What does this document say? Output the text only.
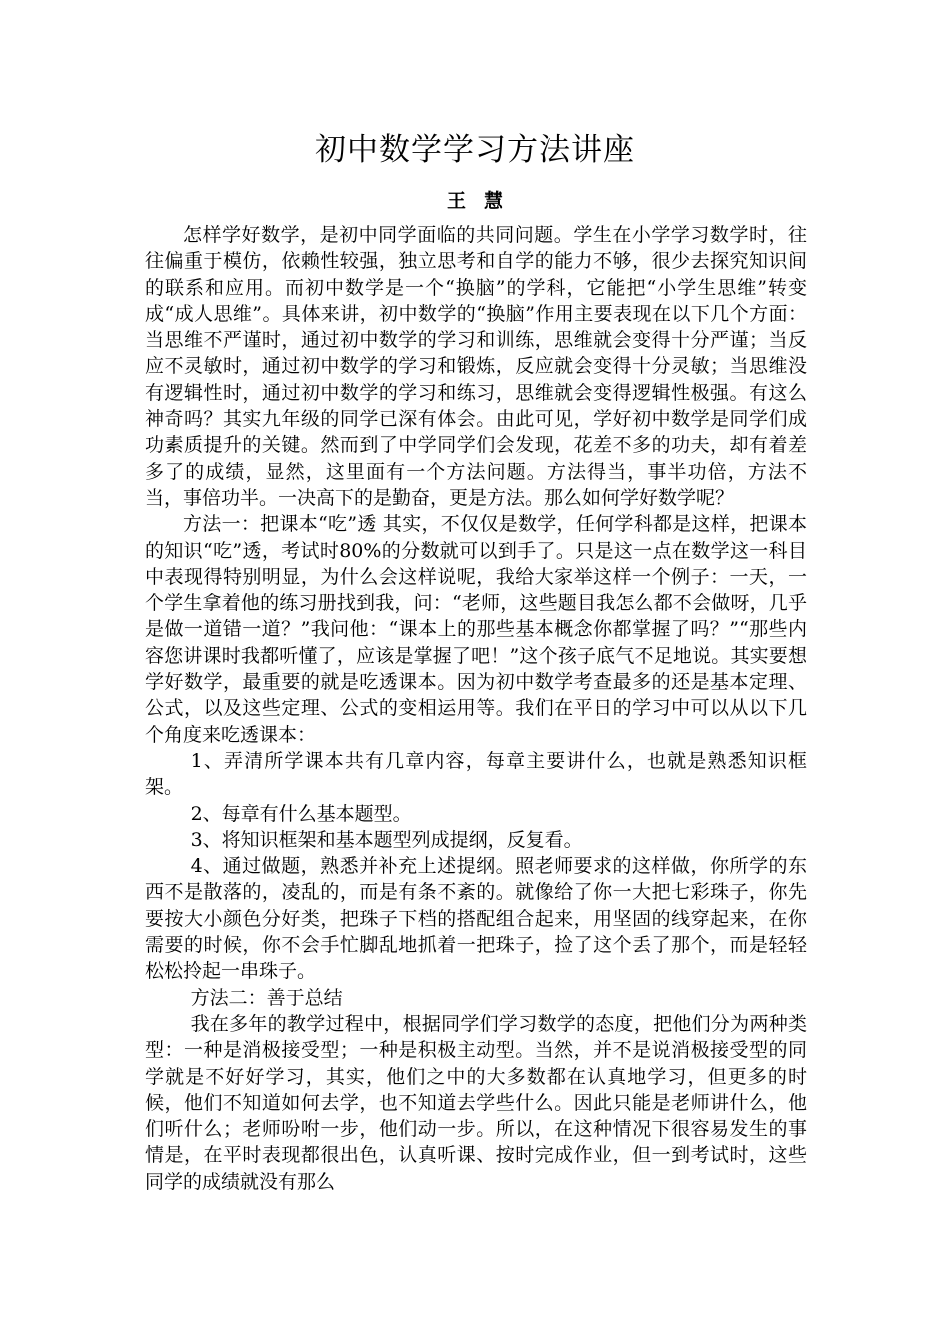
初中数学学习方法讲座
王慧

怎样学好数学，是初中同学面临的共同问题。学生在小学学习数学时，往往偏重于模仿，依赖性较强，独立思考和自学的能力不够，很少去探究知识间的联系和应用。而初中数学是一个“换脑”的学科，它能把“小学生思维”转变成“成人思维”。具体来讲，初中数学的“换脑”作用主要表现在以下几个方面：当思维不严谨时，通过初中数学的学习和训练，思维就会变得十分严谨；当反应不灵敏时，通过初中数学的学习和锻炼，反应就会变得十分灵敏；当思维没有逻辑性时，通过初中数学的学习和练习，思维就会变得逻辑性极强。有这么神奇吗？其实九年级的同学已深有体会。由此可见，学好初中数学是同学们成功素质提升的关键。然而到了中学同学们会发现，花差不多的功夫，却有着差多了的成绩，显然，这里面有一个方法问题。方法得当，事半功倍，方法不当，事倍功半。一决高下的是勤奋，更是方法。那么如何学好数学呢？

方法一：把课本“吃”透 其实，不仅仅是数学，任何学科都是这样，把课本的知识“吃”透，考试时80%的分数就可以到手了。只是这一点在数学这一科目中表现得特别明显，为什么会这样说呢，我给大家举这样一个例子：一天，一个学生拿着他的练习册找到我，问：“老师，这些题目我怎么都不会做呀，几乎是做一道错一道？”我问他：“课本上的那些基本概念你都掌握了吗？”“那些内容您讲课时我都听懂了，应该是掌握了吧！”这个孩子底气不足地说。其实要想学好数学，最重要的就是吃透课本。因为初中数学考查最多的还是基本定理、公式，以及这些定理、公式的变相运用等。我们在平日的学习中可以从以下几个角度来吃透课本：

1、弄清所学课本共有几章内容，每章主要讲什么，也就是熟悉知识框架。

2、每章有什么基本题型。

3、将知识框架和基本题型列成提纲，反复看。

4、通过做题，熟悉并补充上述提纲。照老师要求的这样做，你所学的东西不是散落的，凌乱的，而是有条不紊的。就像给了你一大把七彩珠子，你先要按大小颜色分好类，把珠子下档的搭配组合起来，用坚固的线穿起来，在你需要的时候，你不会手忙脚乱地抓着一把珠子，捡了这个丢了那个，而是轻轻松松拎起一串珠子。

方法二：善于总结

我在多年的教学过程中，根据同学们学习数学的态度，把他们分为两种类型：一种是消极接受型；一种是积极主动型。当然，并不是说消极接受型的同学就是不好好学习，其实，他们之中的大多数都在认真地学习，但更多的时候，他们不知道如何去学，也不知道去学些什么。因此只能是老师讲什么，他们听什么；老师吩咐一步，他们动一步。所以，在这种情况下很容易发生的事情是，在平时表现都很出色，认真听课、按时完成作业，但一到考试时，这些同学的成绩就没有那么
